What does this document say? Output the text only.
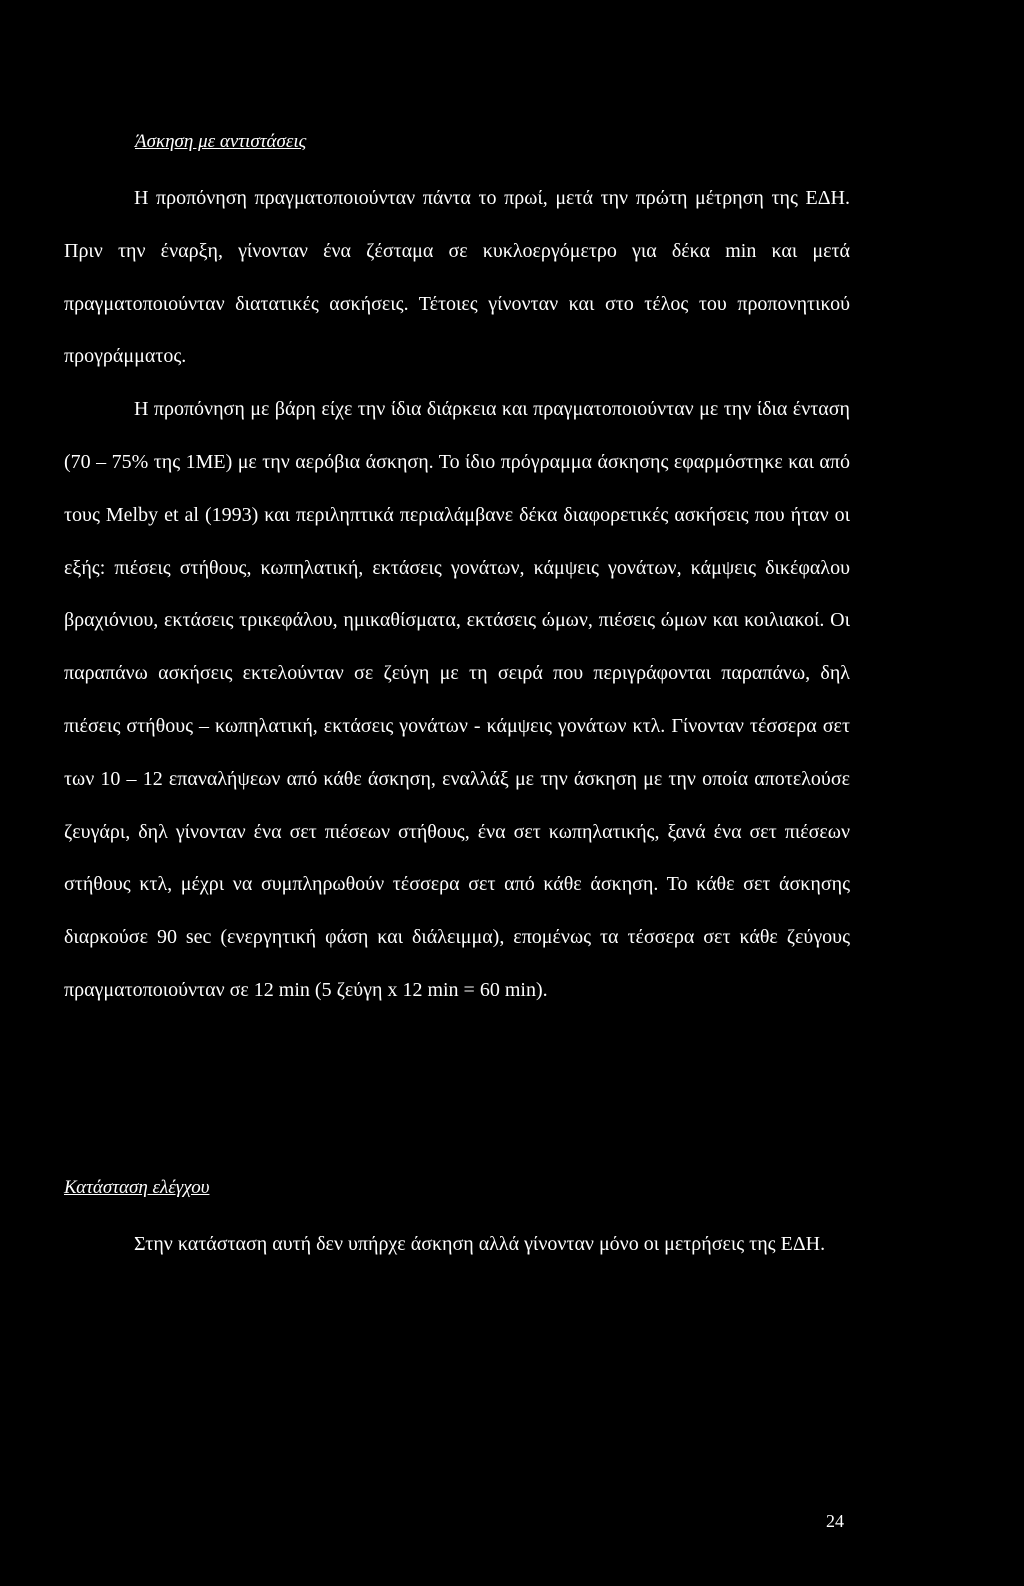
Άσκηση με αντιστάσεις

Η προπόνηση πραγματοποιούνταν πάντα το πρωί, μετά την πρώτη μέτρηση της ΕΔΗ. Πριν την έναρξη, γίνονταν ένα ζέσταμα σε κυκλοεργόμετρο για δέκα min και μετά πραγματοποιούνταν διατατικές ασκήσεις. Τέτοιες γίνονταν και στο τέλος του προπονητικού προγράμματος.

Η προπόνηση με βάρη είχε την ίδια διάρκεια και πραγματοποιούνταν με την ίδια ένταση (70 – 75% της 1ΜΕ) με την αερόβια άσκηση. Το ίδιο πρόγραμμα άσκησης εφαρμόστηκε και από τους Melby et al (1993) και περιληπτικά περιαλάμβανε δέκα διαφορετικές ασκήσεις που ήταν οι εξής: πιέσεις στήθους, κωπηλατική, εκτάσεις γονάτων, κάμψεις γονάτων, κάμψεις δικέφαλου βραχιόνιου, εκτάσεις τρικεφάλου, ημικαθίσματα, εκτάσεις ώμων, πιέσεις ώμων και κοιλιακοί. Οι παραπάνω ασκήσεις εκτελούνταν σε ζεύγη με τη σειρά που περιγράφονται παραπάνω, δηλ πιέσεις στήθους – κωπηλατική, εκτάσεις γονάτων - κάμψεις γονάτων κτλ. Γίνονταν τέσσερα σετ των 10 – 12 επαναλήψεων από κάθε άσκηση, εναλλάξ με την άσκηση με την οποία αποτελούσε ζευγάρι, δηλ γίνονταν ένα σετ πιέσεων στήθους, ένα σετ κωπηλατικής, ξανά ένα σετ πιέσεων στήθους κτλ, μέχρι να συμπληρωθούν τέσσερα σετ από κάθε άσκηση. Το κάθε σετ άσκησης διαρκούσε 90 sec (ενεργητική φάση και διάλειμμα), επομένως τα τέσσερα σετ κάθε ζεύγους πραγματοποιούνταν σε 12 min (5 ζεύγη x 12 min = 60 min).

Κατάσταση ελέγχου

Στην κατάσταση αυτή δεν υπήρχε άσκηση αλλά γίνονταν μόνο οι μετρήσεις της ΕΔΗ.

24
